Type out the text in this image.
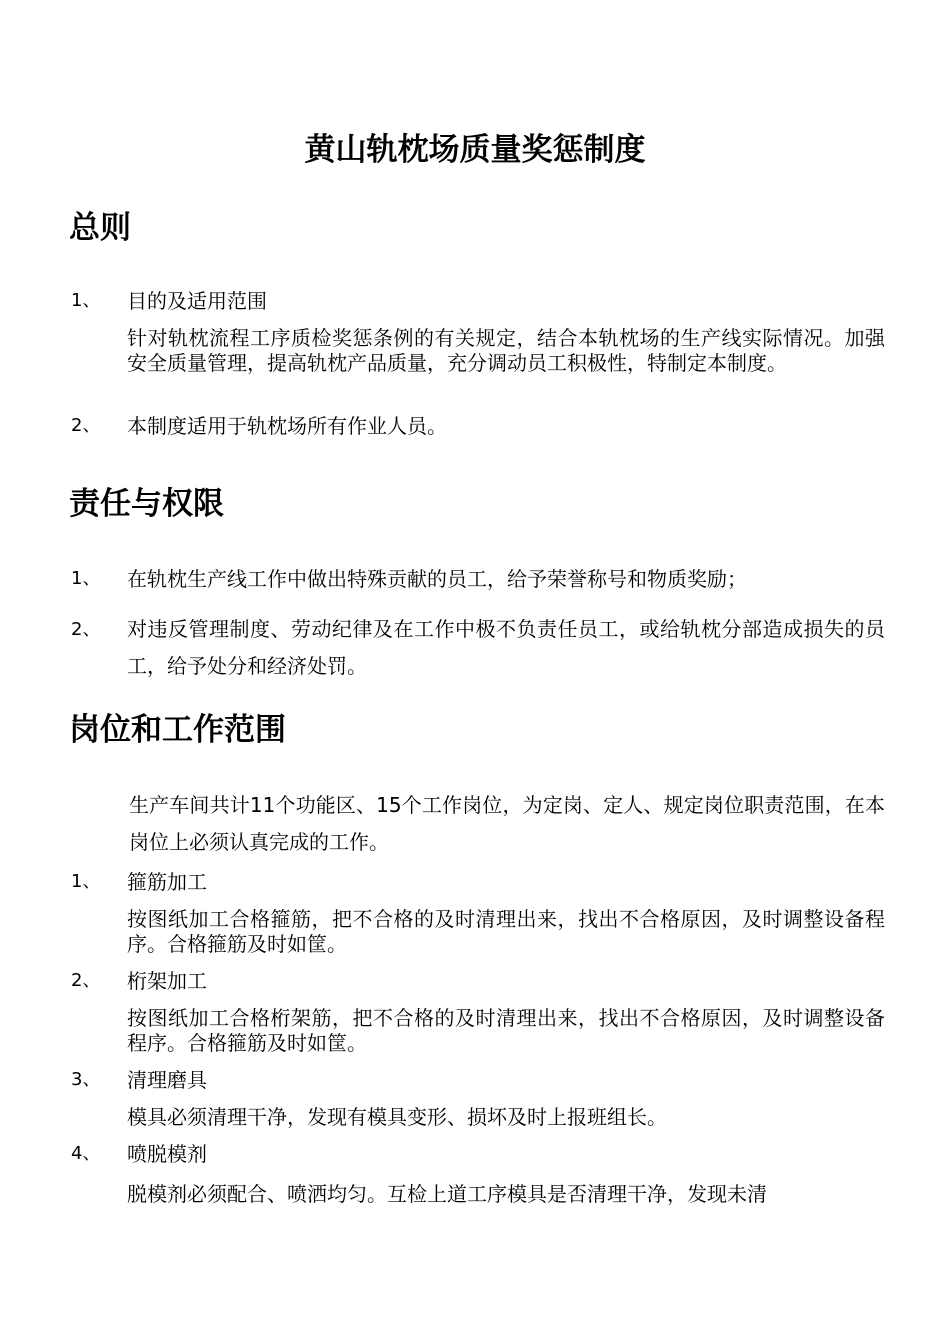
黄山轨枕场质量奖惩制度
总则
1、 目的及适用范围

针对轨枕流程工序质检奖惩条例的有关规定，结合本轨枕场的生产线实际情况。加强安全质量管理，提高轨枕产品质量，充分调动员工积极性，特制定本制度。

2、 本制度适用于轨枕场所有作业人员。
责任与权限
1、 在轨枕生产线工作中做出特殊贡献的员工，给予荣誉称号和物质奖励；

2、 对违反管理制度、劳动纪律及在工作中极不负责任员工，或给轨枕分部造成损失的员工，给予处分和经济处罚。

岗位和工作范围

生产车间共计11个功能区、15个工作岗位，为定岗、定人、规定岗位职责范围，在本岗位上必须认真完成的工作。

1、 箍筋加工

按图纸加工合格箍筋，把不合格的及时清理出来，找出不合格原因，及时调整设备程序。合格箍筋及时如筐。

2、 桁架加工

按图纸加工合格桁架筋，把不合格的及时清理出来，找出不合格原因，及时调整设备程序。合格箍筋及时如筐。

3、 清理磨具

模具必须清理干净，发现有模具变形、损坏及时上报班组长。

4、 喷脱模剂

脱模剂必须配合、喷洒均匀。互检上道工序模具是否清理干净，发现未清
